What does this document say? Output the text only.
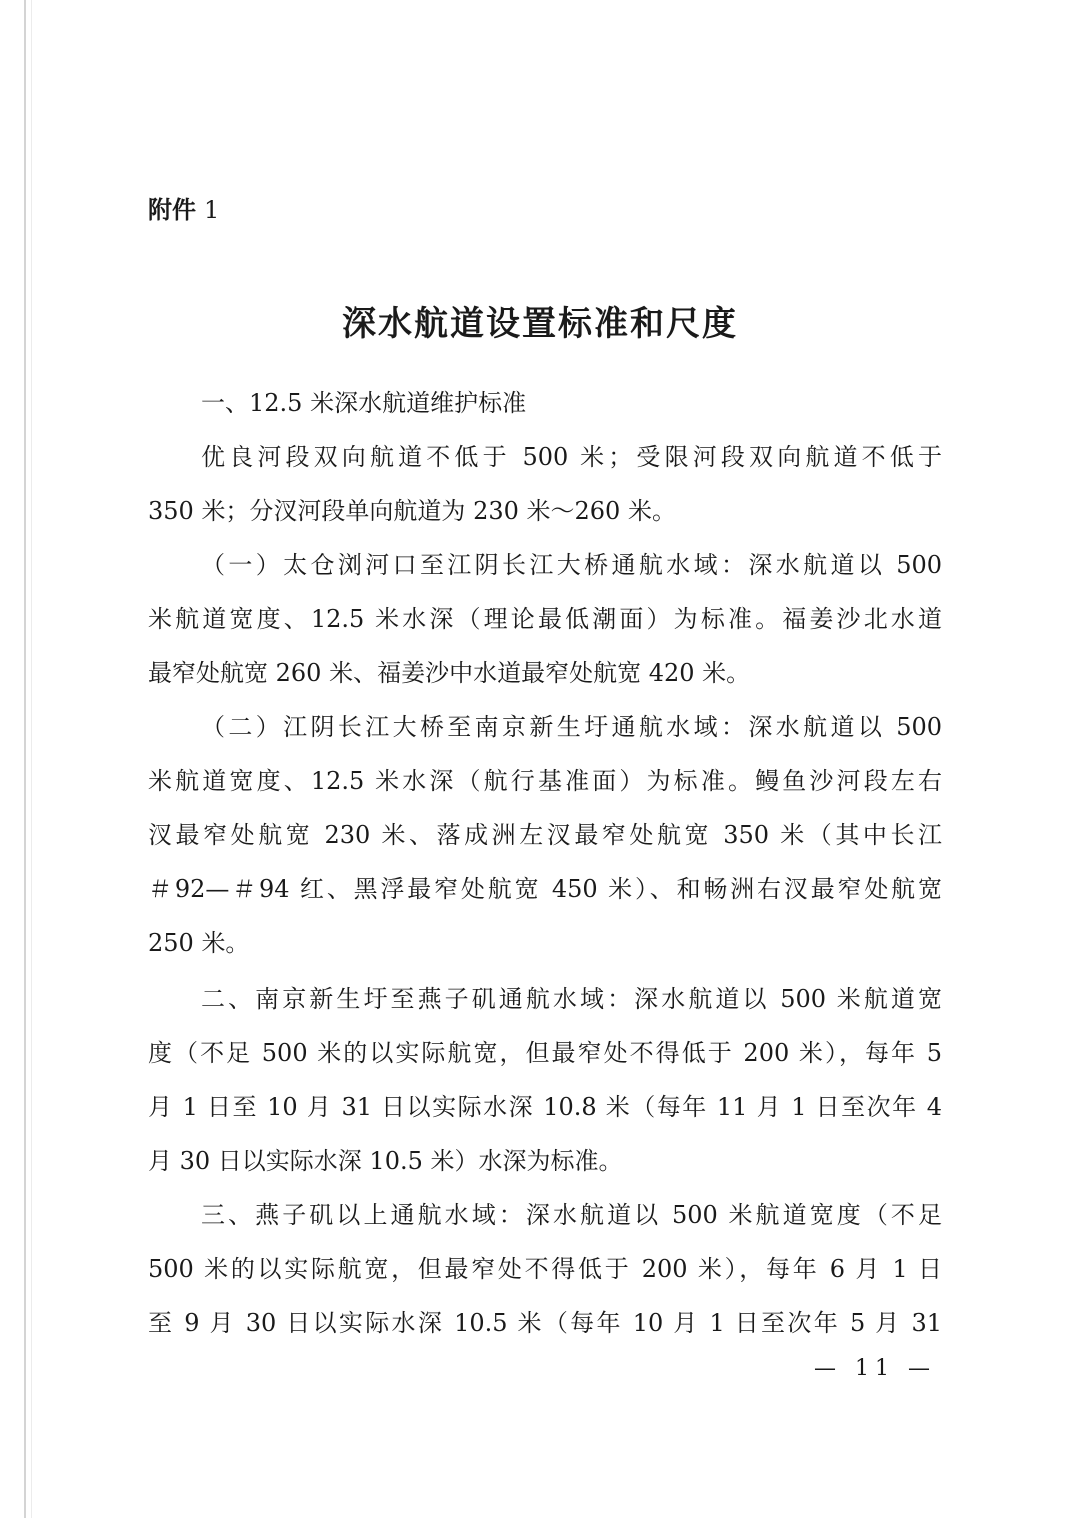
附件 1
深水航道设置标准和尺度
一、12.5 米深水航道维护标准
优良河段双向航道不低于 500 米；受限河段双向航道不低于
350 米；分汊河段单向航道为 230 米～260 米。
（一）太仓浏河口至江阴长江大桥通航水域：深水航道以 500
米航道宽度、12.5 米水深（理论最低潮面）为标准。福姜沙北水道
最窄处航宽 260 米、福姜沙中水道最窄处航宽 420 米。
（二）江阴长江大桥至南京新生圩通航水域：深水航道以 500
米航道宽度、12.5 米水深（航行基准面）为标准。鳗鱼沙河段左右
汊最窄处航宽 230 米、落成洲左汊最窄处航宽 350 米（其中长江
＃92—＃94 红、黑浮最窄处航宽 450 米）、和畅洲右汊最窄处航宽
250 米。
二、南京新生圩至燕子矶通航水域：深水航道以 500 米航道宽
度（不足 500 米的以实际航宽，但最窄处不得低于 200 米），每年 5
月 1 日至 10 月 31 日以实际水深 10.8 米（每年 11 月 1 日至次年 4
月 30 日以实际水深 10.5 米）水深为标准。
三、燕子矶以上通航水域：深水航道以 500 米航道宽度（不足
500 米的以实际航宽，但最窄处不得低于 200 米），每年 6 月 1 日
至 9 月 30 日以实际水深 10.5 米（每年 10 月 1 日至次年 5 月 31
— 11 —
